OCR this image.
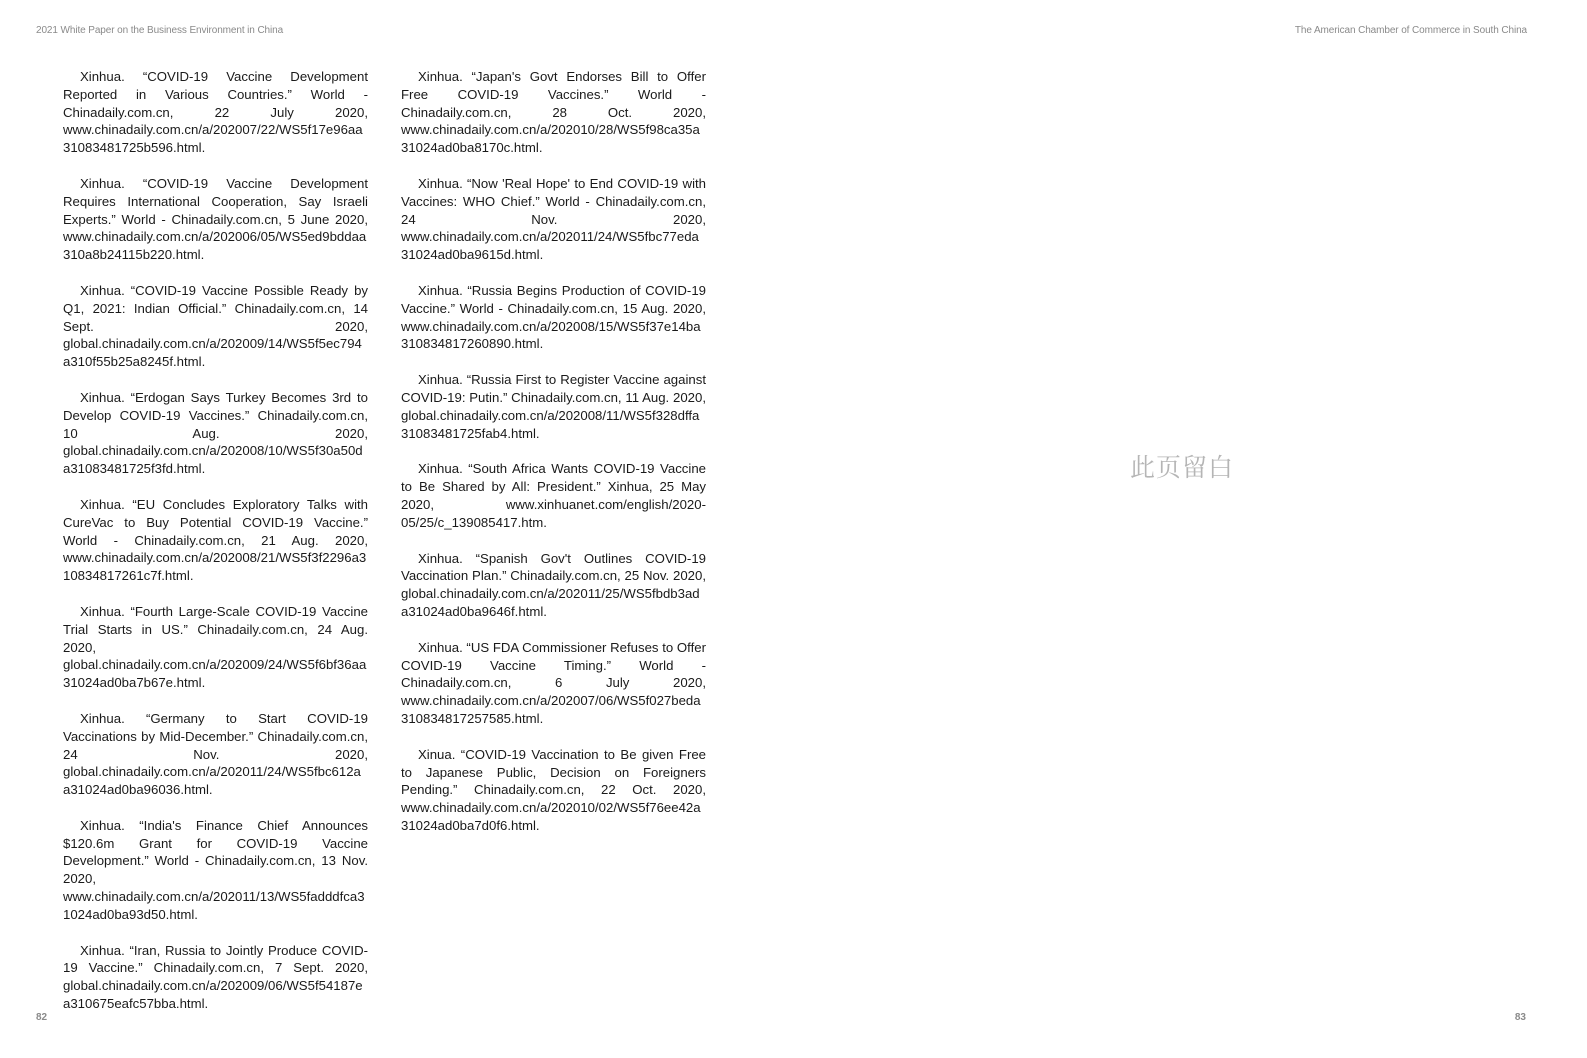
2021 White Paper on the Business Environment in China	The American Chamber of Commerce in South China

Xinhua. “COVID-19 Vaccine Development Reported in Various Countries.” World - Chinadaily.com.cn, 22 July 2020, www.chinadaily.com.cn/a/202007/22/WS5f17e96aa31083481725b596.html.

Xinhua. “COVID-19 Vaccine Development Requires International Cooperation, Say Israeli Experts.” World - Chinadaily.com.cn, 5 June 2020, www.chinadaily.com.cn/a/202006/05/WS5ed9bddaa310a8b24115b220.html.

Xinhua. “COVID-19 Vaccine Possible Ready by Q1, 2021: Indian Official.” Chinadaily.com.cn, 14 Sept. 2020, global.chinadaily.com.cn/a/202009/14/WS5f5ec794a310f55b25a8245f.html.

Xinhua. “Erdogan Says Turkey Becomes 3rd to Develop COVID-19 Vaccines.” Chinadaily.com.cn, 10 Aug. 2020, global.chinadaily.com.cn/a/202008/10/WS5f30a50da31083481725f3fd.html.

Xinhua. “EU Concludes Exploratory Talks with CureVac to Buy Potential COVID-19 Vaccine.” World - Chinadaily.com.cn, 21 Aug. 2020, www.chinadaily.com.cn/a/202008/21/WS5f3f2296a310834817261c7f.html.

Xinhua. “Fourth Large-Scale COVID-19 Vaccine Trial Starts in US.” Chinadaily.com.cn, 24 Aug. 2020, global.chinadaily.com.cn/a/202009/24/WS5f6bf36aa31024ad0ba7b67e.html.

Xinhua. “Germany to Start COVID-19 Vaccinations by Mid-December.” Chinadaily.com.cn, 24 Nov. 2020, global.chinadaily.com.cn/a/202011/24/WS5fbc612aa31024ad0ba96036.html.

Xinhua. “India's Finance Chief Announces $120.6m Grant for COVID-19 Vaccine Development.” World - Chinadaily.com.cn, 13 Nov. 2020, www.chinadaily.com.cn/a/202011/13/WS5fadddfca31024ad0ba93d50.html.

Xinhua. “Iran, Russia to Jointly Produce COVID-19 Vaccine.” Chinadaily.com.cn, 7 Sept. 2020, global.chinadaily.com.cn/a/202009/06/WS5f54187ea310675eafc57bba.html.

Xinhua. “Japan's Govt Endorses Bill to Offer Free COVID-19 Vaccines.” World - Chinadaily.com.cn, 28 Oct. 2020, www.chinadaily.com.cn/a/202010/28/WS5f98ca35a31024ad0ba8170c.html.

Xinhua. “Now 'Real Hope' to End COVID-19 with Vaccines: WHO Chief.” World - Chinadaily.com.cn, 24 Nov. 2020, www.chinadaily.com.cn/a/202011/24/WS5fbc77eda31024ad0ba9615d.html.

Xinhua. “Russia Begins Production of COVID-19 Vaccine.” World - Chinadaily.com.cn, 15 Aug. 2020, www.chinadaily.com.cn/a/202008/15/WS5f37e14ba310834817260890.html.

Xinhua. “Russia First to Register Vaccine against COVID-19: Putin.” Chinadaily.com.cn, 11 Aug. 2020, global.chinadaily.com.cn/a/202008/11/WS5f328dffa31083481725fab4.html.

Xinhua. “South Africa Wants COVID-19 Vaccine to Be Shared by All: President.” Xinhua, 25 May 2020, www.xinhuanet.com/english/2020-05/25/c_139085417.htm.

Xinhua. “Spanish Gov't Outlines COVID-19 Vaccination Plan.” Chinadaily.com.cn, 25 Nov. 2020, global.chinadaily.com.cn/a/202011/25/WS5fbdb3ada31024ad0ba9646f.html.

Xinhua. “US FDA Commissioner Refuses to Offer COVID-19 Vaccine Timing.” World - Chinadaily.com.cn, 6 July 2020, www.chinadaily.com.cn/a/202007/06/WS5f027beda310834817257585.html.

Xinua. “COVID-19 Vaccination to Be given Free to Japanese Public, Decision on Foreigners Pending.” Chinadaily.com.cn, 22 Oct. 2020, www.chinadaily.com.cn/a/202010/02/WS5f76ee42a31024ad0ba7d0f6.html.

此页留白
82	83
